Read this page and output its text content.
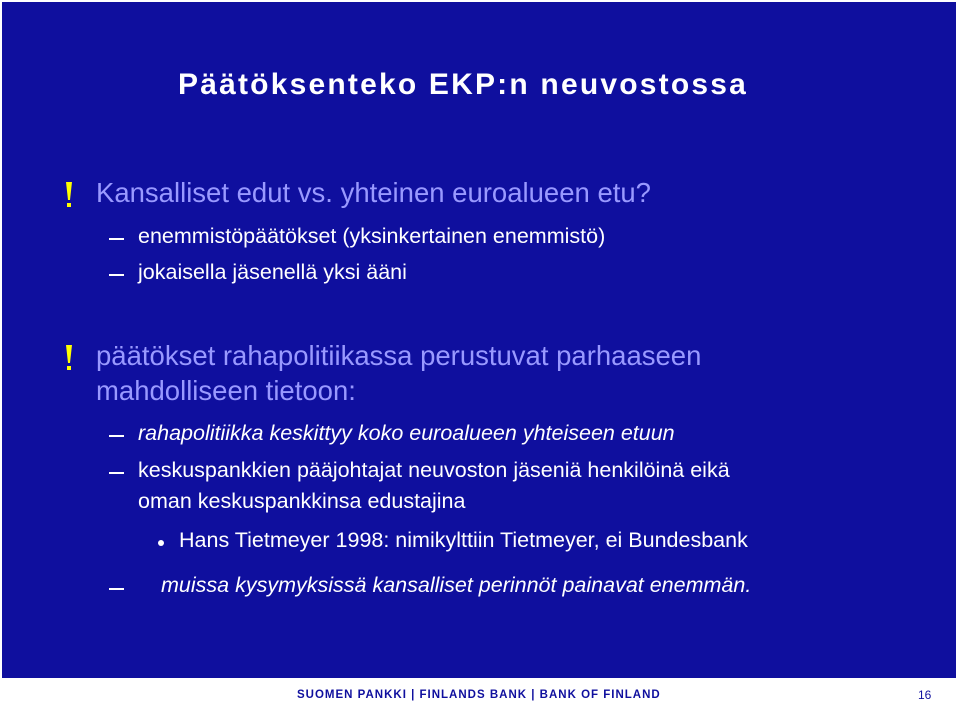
Päätöksenteko EKP:n neuvostossa

Kansalliset edut vs. yhteinen euroalueen etu?

enemmistöpäätökset (yksinkertainen enemmistö)

jokaisella jäsenellä yksi ääni

päätökset rahapolitiikassa perustuvat parhaaseen

mahdolliseen tietoon:

rahapolitiikka keskittyy koko euroalueen yhteiseen etuun

keskuspankkien pääjohtajat neuvoston jäseniä henkilöinä eikä

oman keskuspankkinsa edustajina

Hans Tietmeyer 1998: nimikylttiin Tietmeyer, ei Bundesbank

muissa kysymyksissä kansalliset perinnöt painavat enemmän.

SUOMEN PANKKI | FINLANDS BANK | BANK OF FINLAND	16
